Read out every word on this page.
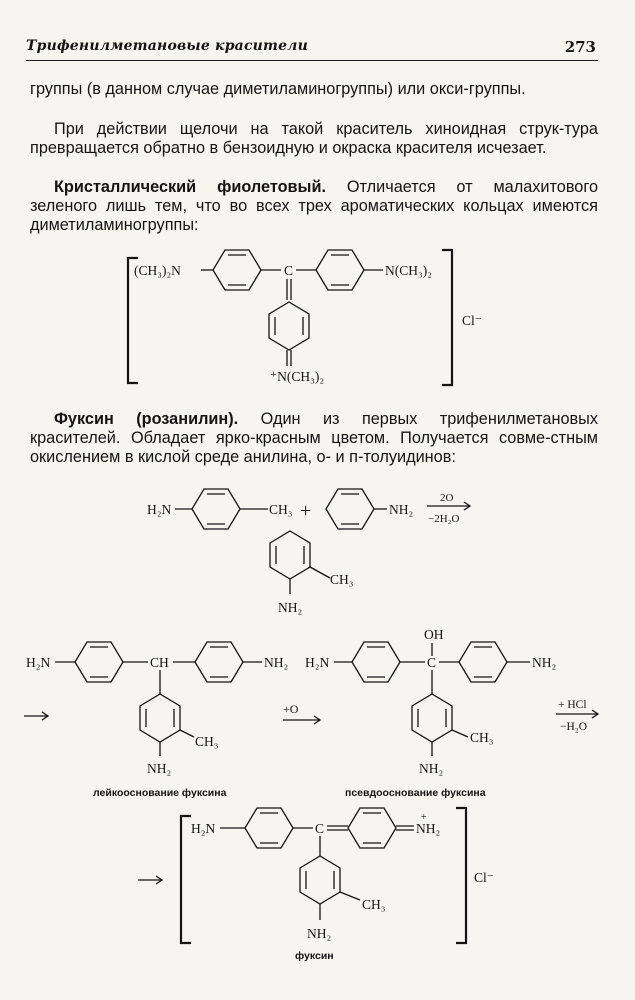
Трифенилметановые красители	273

группы (в данном случае диметиламиногруппы) или окси-группы.

При действии щелочи на такой краситель хиноидная струк-тура превращается обратно в бензоидную и окраска красителя исчезает.

Кристаллический фиолетовый. Отличается от малахитового зеленого лишь тем, что во всех трех ароматических кольцах имеются диметиламиногруппы:

Фуксин (розанилин). Один из первых трифенилметановых красителей. Обладает ярко-красным цветом. Получается совме-стным окислением в кислой среде анилина, о- и п-толуидинов:

(CH₃)₂N	C	N(CH₃)₂
⁺N(CH₃)₂
Cl⁻
H₂N	CH₃ +	NH₂
2O
−2H₂O
CH₃
NH₂
H₂N	CH	NH₂
CH₃
NH₂
лейкооснование фуксина
+O
OH
H₂N	C	NH₂
CH₃
NH₂
псевдооснование фуксина
+ HCl
−H₂O
H₂N	C	NH₂
+
CH₃
NH₂
Cl⁻
фуксин
